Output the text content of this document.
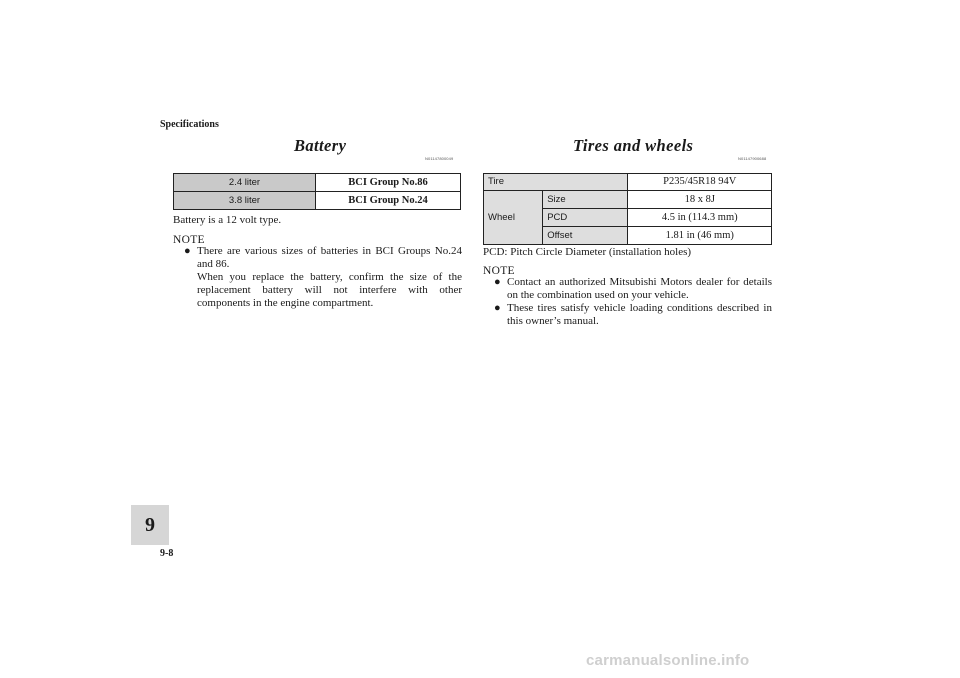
Specifications
Battery
N01147800049
2.4 liter	BCI Group No.86
3.8 liter	BCI Group No.24
Battery is a 12 volt type.
NOTE
● There are various sizes of batteries in BCI Groups No.24 and 86.
When you replace the battery, confirm the size of the replacement battery will not interfere with other components in the engine compartment.
Tires and wheels
N01147900688
Tire		P235/45R18 94V
Wheel	Size	18 x 8J
	PCD	4.5 in (114.3 mm)
	Offset	1.81 in (46 mm)
PCD: Pitch Circle Diameter (installation holes)
NOTE
● Contact an authorized Mitsubishi Motors dealer for details on the combination used on your vehicle.
● These tires satisfy vehicle loading conditions described in this owner’s manual.
9
9-8
carmanualsonline.info
